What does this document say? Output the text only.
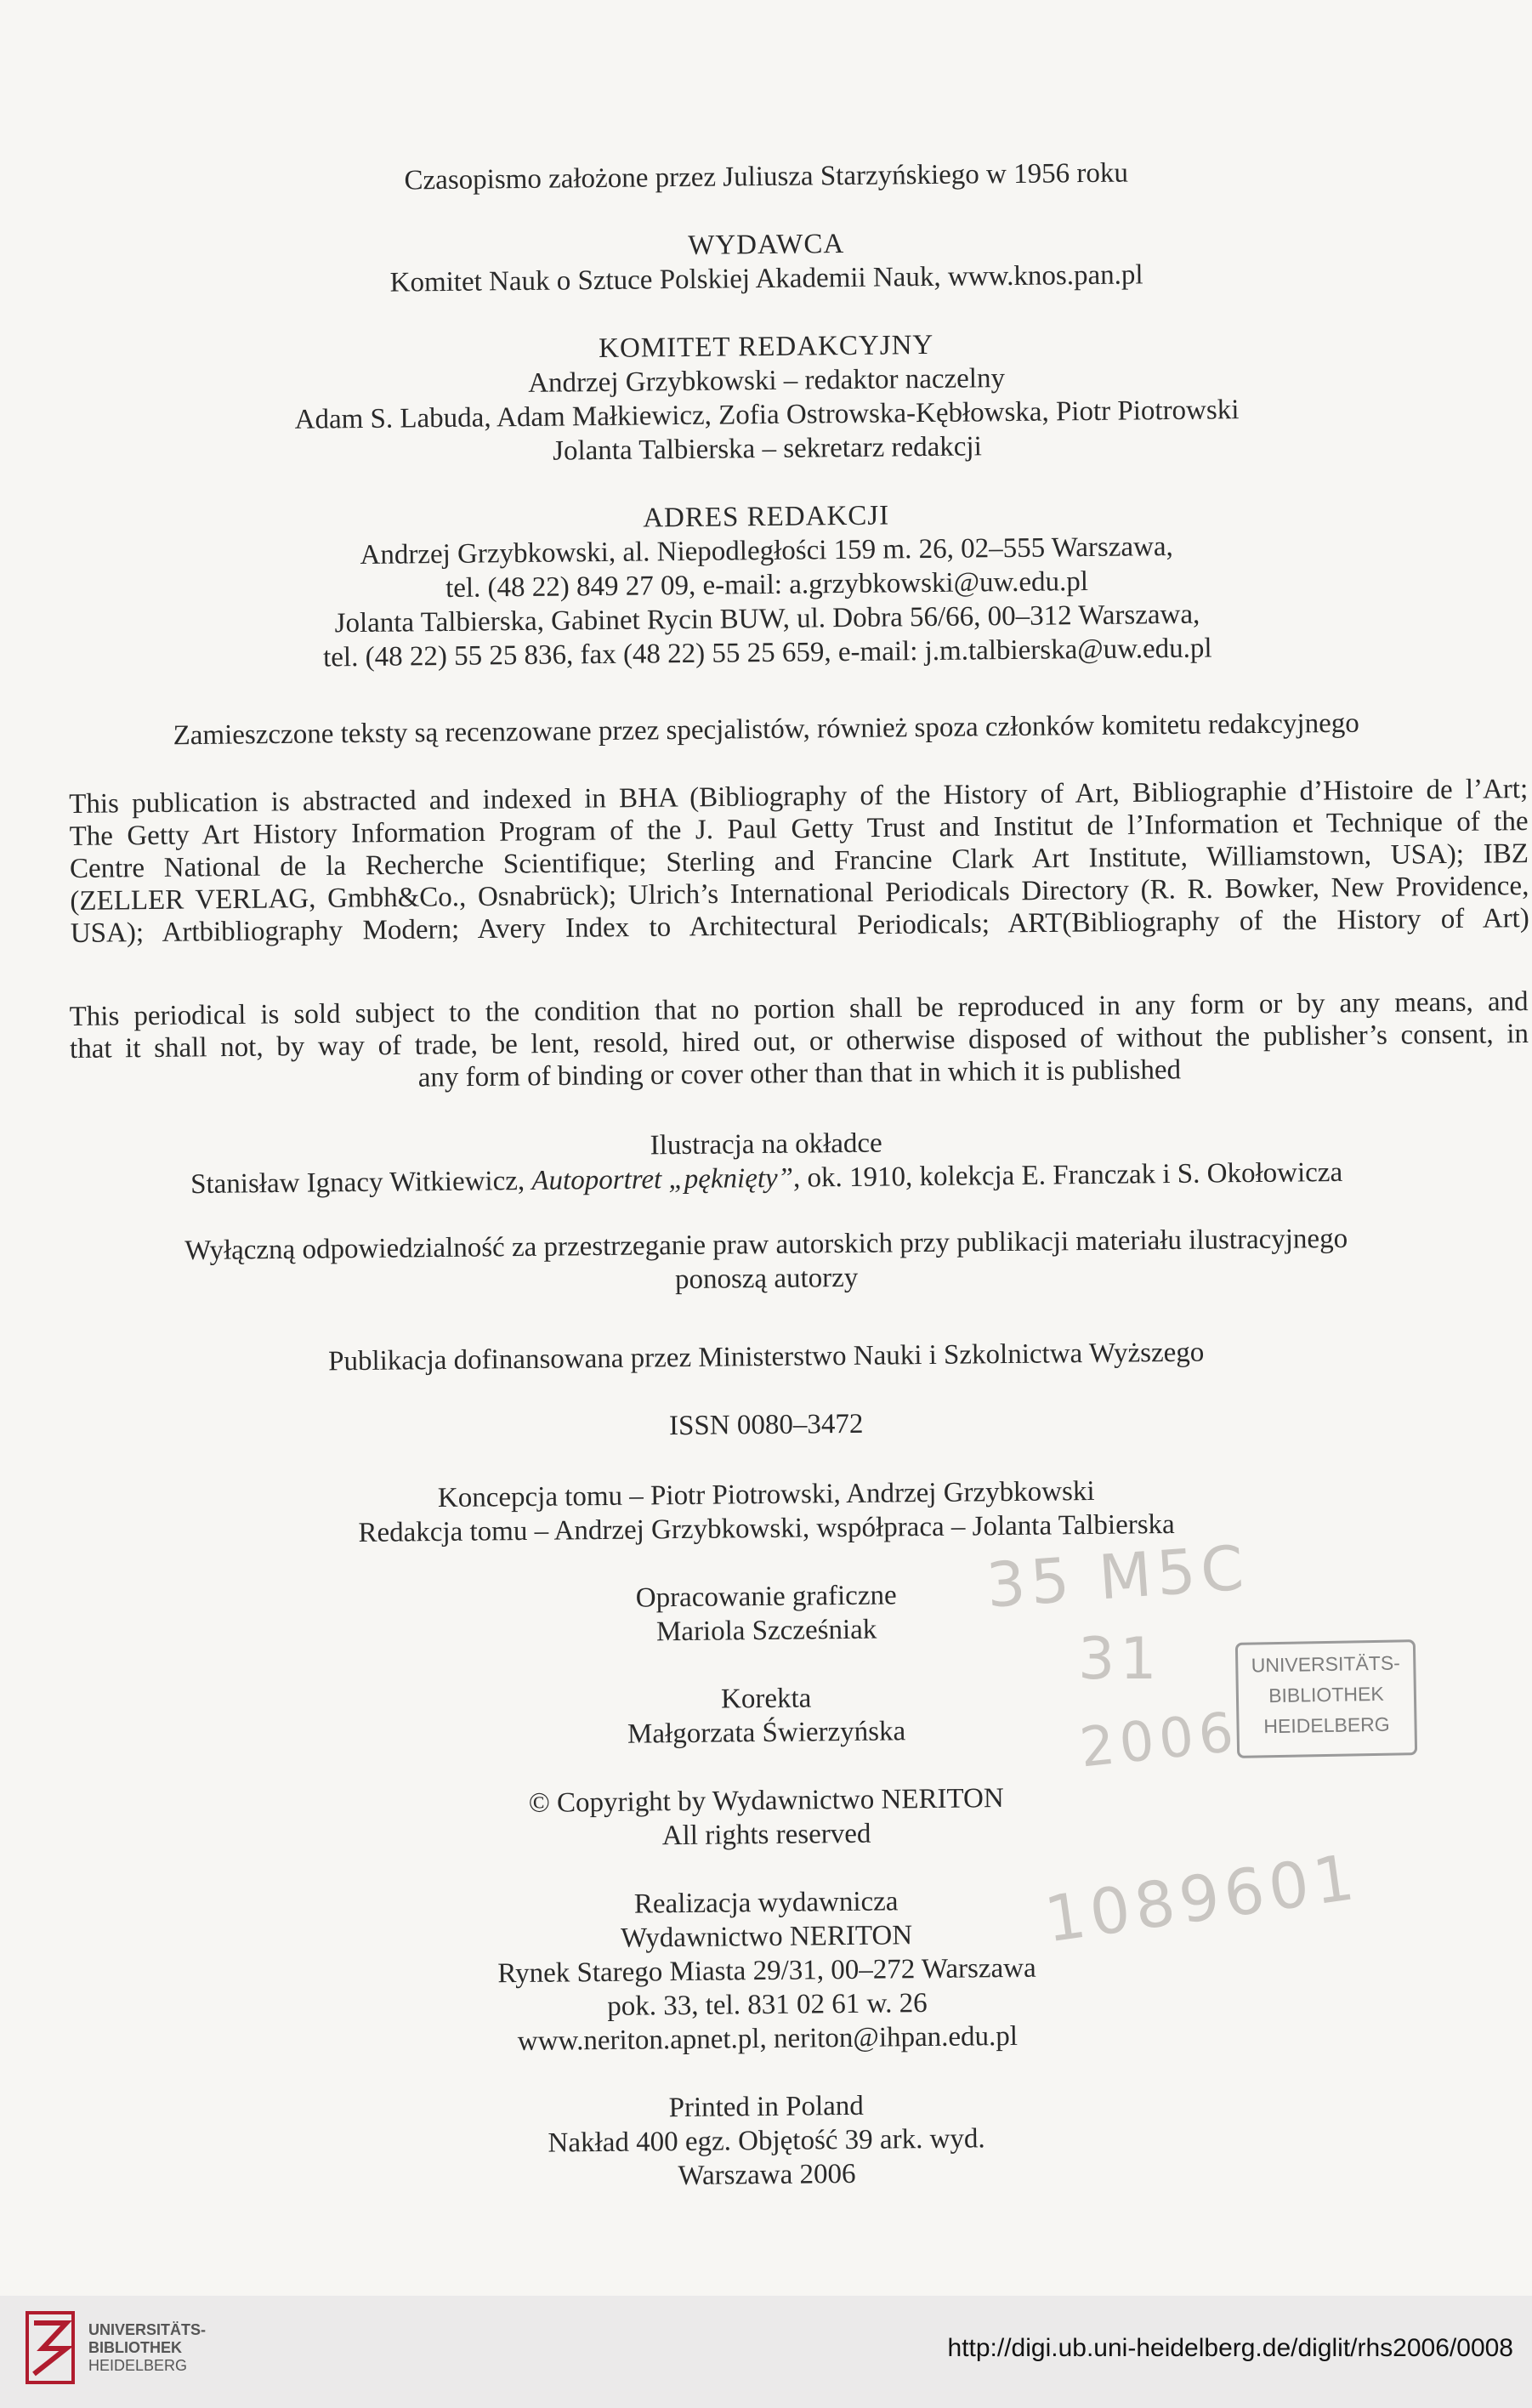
Czasopismo założone przez Juliusza Starzyńskiego w 1956 roku
WYDAWCA
Komitet Nauk o Sztuce Polskiej Akademii Nauk, www.knos.pan.pl
KOMITET REDAKCYJNY
Andrzej Grzybkowski – redaktor naczelny
Adam S. Labuda, Adam Małkiewicz, Zofia Ostrowska-Kębłowska, Piotr Piotrowski
Jolanta Talbierska – sekretarz redakcji
ADRES REDAKCJI
Andrzej Grzybkowski, al. Niepodległości 159 m. 26, 02–555 Warszawa,
tel. (48 22) 849 27 09, e-mail: a.grzybkowski@uw.edu.pl
Jolanta Talbierska, Gabinet Rycin BUW, ul. Dobra 56/66, 00–312 Warszawa,
tel. (48 22) 55 25 836, fax (48 22) 55 25 659, e-mail: j.m.talbierska@uw.edu.pl
Zamieszczone teksty są recenzowane przez specjalistów, również spoza członków komitetu redakcyjnego
This publication is abstracted and indexed in BHA (Bibliography of the History of Art, Bibliographie d’Histoire de l’Art;
The Getty Art History Information Program of the J. Paul Getty Trust and Institut de l’Information et Technique of the
Centre National de la Recherche Scientifique; Sterling and Francine Clark Art Institute, Williamstown, USA); IBZ
(ZELLER VERLAG, Gmbh&Co., Osnabrück); Ulrich’s International Periodicals Directory (R. R. Bowker, New Providence,
USA); Artbibliography Modern; Avery Index to Architectural Periodicals; ART(Bibliography of the History of Art)
This periodical is sold subject to the condition that no portion shall be reproduced in any form or by any means, and
that it shall not, by way of trade, be lent, resold, hired out, or otherwise disposed of without the publisher’s consent, in
any form of binding or cover other than that in which it is published
Ilustracja na okładce
Stanisław Ignacy Witkiewicz, Autoportret „pęknięty”, ok. 1910, kolekcja E. Franczak i S. Okołowicza
Wyłączną odpowiedzialność za przestrzeganie praw autorskich przy publikacji materiału ilustracyjnego
ponoszą autorzy
Publikacja dofinansowana przez Ministerstwo Nauki i Szkolnictwa Wyższego
ISSN 0080–3472
Koncepcja tomu – Piotr Piotrowski, Andrzej Grzybkowski
Redakcja tomu – Andrzej Grzybkowski, współpraca – Jolanta Talbierska
Opracowanie graficzne
Mariola Szcześniak
Korekta
Małgorzata Świerzyńska
© Copyright by Wydawnictwo NERITON
All rights reserved
Realizacja wydawnicza
Wydawnictwo NERITON
Rynek Starego Miasta 29/31, 00–272 Warszawa
pok. 33, tel. 831 02 61 w. 26
www.neriton.apnet.pl, neriton@ihpan.edu.pl
Printed in Poland
Nakład 400 egz. Objętość 39 ark. wyd.
Warszawa 2006
UNIVERSITÄTS-
BIBLIOTHEK
HEIDELBERG
35 M5C
31
2006
1089601
UNIVERSITÄTS-
BIBLIOTHEK
HEIDELBERG
http://digi.ub.uni-heidelberg.de/diglit/rhs2006/0008
